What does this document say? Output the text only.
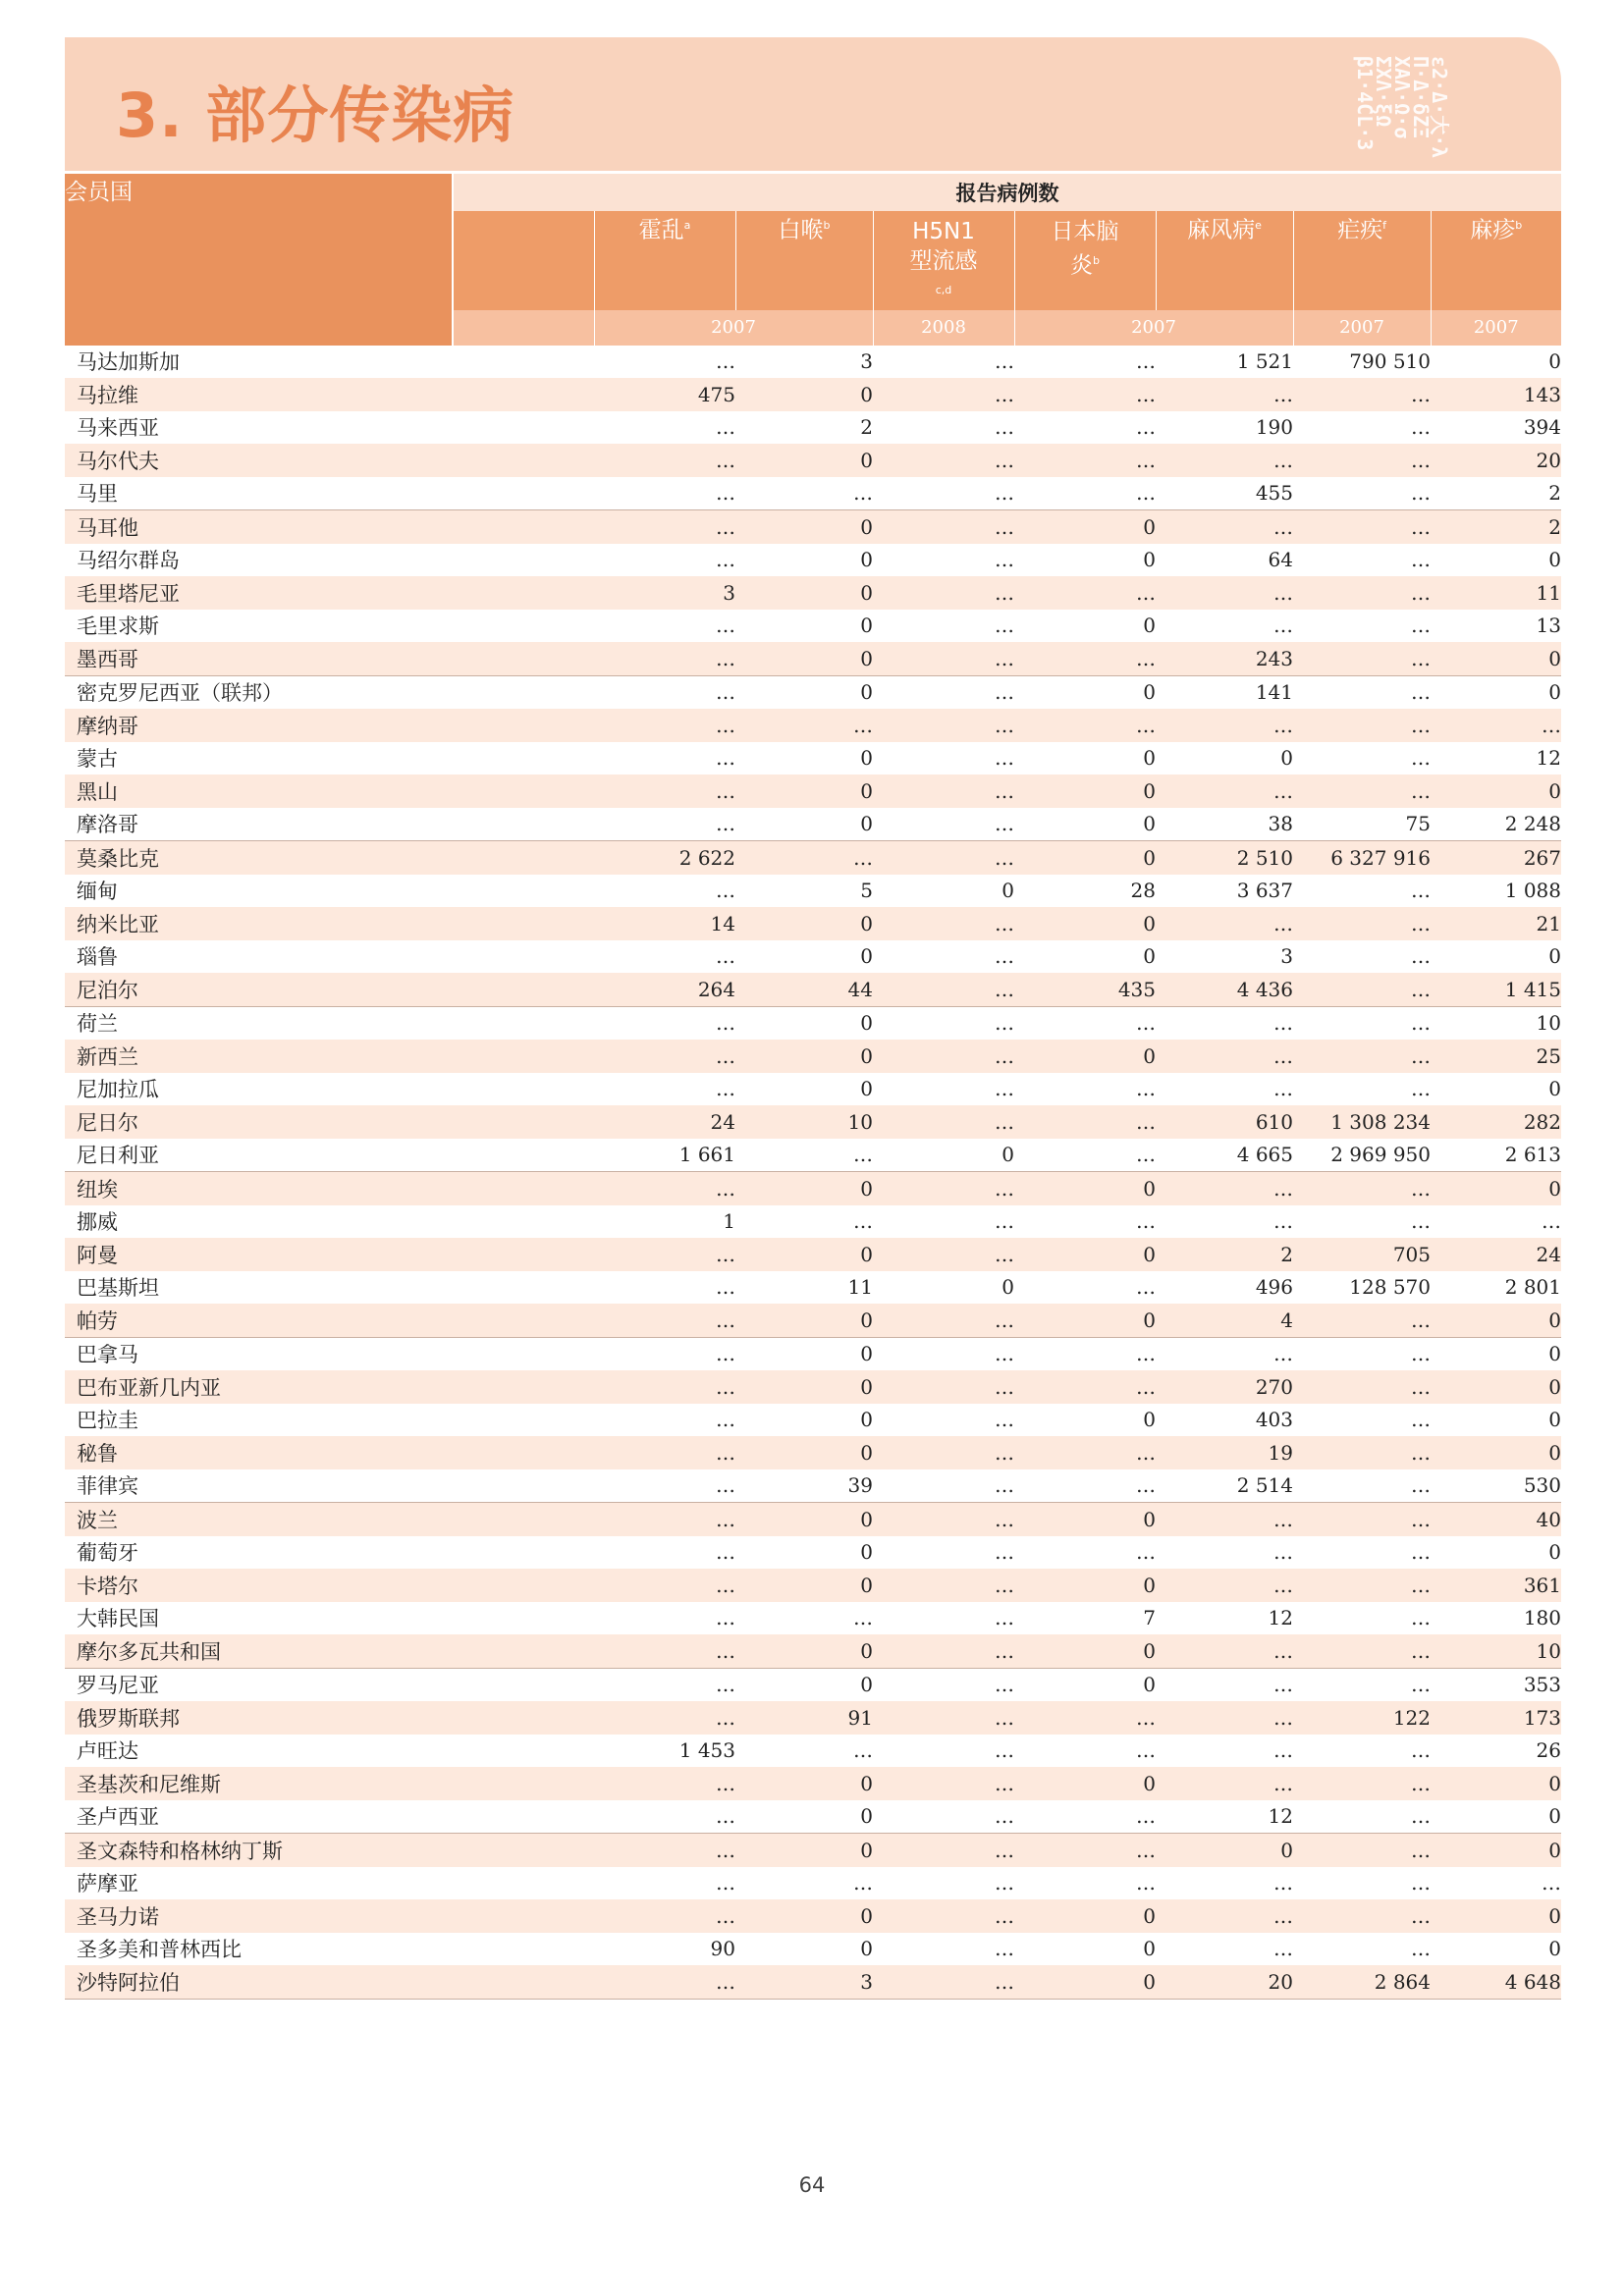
3. 部分传染病	ε2·Δ·大·λ
Π·Δ·δΖΞ
ΧΑΛ·Ω·σ
ΣΧΛ·ξΩ
β1·4CL·3
会员国	报告病例数							
		霍乱$^a$	白喉$^b$	H5N1型流感$^{c,d}$	日本脑炎$^b$	麻风病$^e$	疟疾$^f$	麻疹$^b$
		2007		2008	2007		2007	2007
马达加斯加		…	3	…	…	1 521	790 510	0
马拉维		475	0	…	…	…	…	143
马来西亚		…	2	…	…	190	…	394
马尔代夫		…	0	…	…	…	…	20
马里		…	…	…	…	455	…	2
马耳他		…	0	…	0	…	…	2
马绍尔群岛		…	0	…	0	64	…	0
毛里塔尼亚		3	0	…	…	…	…	11
毛里求斯		…	0	…	0	…	…	13
墨西哥		…	0	…	…	243	…	0
密克罗尼西亚（联邦）		…	0	…	0	141	…	0
摩纳哥		…	…	…	…	…	…	…
蒙古		…	0	…	0	0	…	12
黑山		…	0	…	0	…	…	0
摩洛哥		…	0	…	0	38	75	2 248
莫桑比克		2 622	…	…	0	2 510	6 327 916	267
缅甸		…	5	0	28	3 637	…	1 088
纳米比亚		14	0	…	0	…	…	21
瑙鲁		…	0	…	0	3	…	0
尼泊尔		264	44	…	435	4 436	…	1 415
荷兰		…	0	…	…	…	…	10
新西兰		…	0	…	0	…	…	25
尼加拉瓜		…	0	…	…	…	…	0
尼日尔		24	10	…	…	610	1 308 234	282
尼日利亚		1 661	…	0	…	4 665	2 969 950	2 613
纽埃		…	0	…	0	…	…	0
挪威		1	…	…	…	…	…	…
阿曼		…	0	…	0	2	705	24
巴基斯坦		…	11	0	…	496	128 570	2 801
帕劳		…	0	…	0	4	…	0
巴拿马		…	0	…	…	…	…	0
巴布亚新几内亚		…	0	…	…	270	…	0
巴拉圭		…	0	…	0	403	…	0
秘鲁		…	0	…	…	19	…	0
菲律宾		…	39	…	…	2 514	…	530
波兰		…	0	…	0	…	…	40
葡萄牙		…	0	…	…	…	…	0
卡塔尔		…	0	…	0	…	…	361
大韩民国		…	…	…	7	12	…	180
摩尔多瓦共和国		…	0	…	0	…	…	10
罗马尼亚		…	0	…	0	…	…	353
俄罗斯联邦		…	91	…	…	…	122	173
卢旺达		1 453	…	…	…	…	…	26
圣基茨和尼维斯		…	0	…	0	…	…	0
圣卢西亚		…	0	…	…	12	…	0
圣文森特和格林纳丁斯		…	0	…	…	0	…	0
萨摩亚		…	…	…	…	…	…	…
圣马力诺		…	0	…	0	…	…	0
圣多美和普林西比		90	0	…	0	…	…	0
沙特阿拉伯		…	3	…	0	20	2 864	4 648
64
